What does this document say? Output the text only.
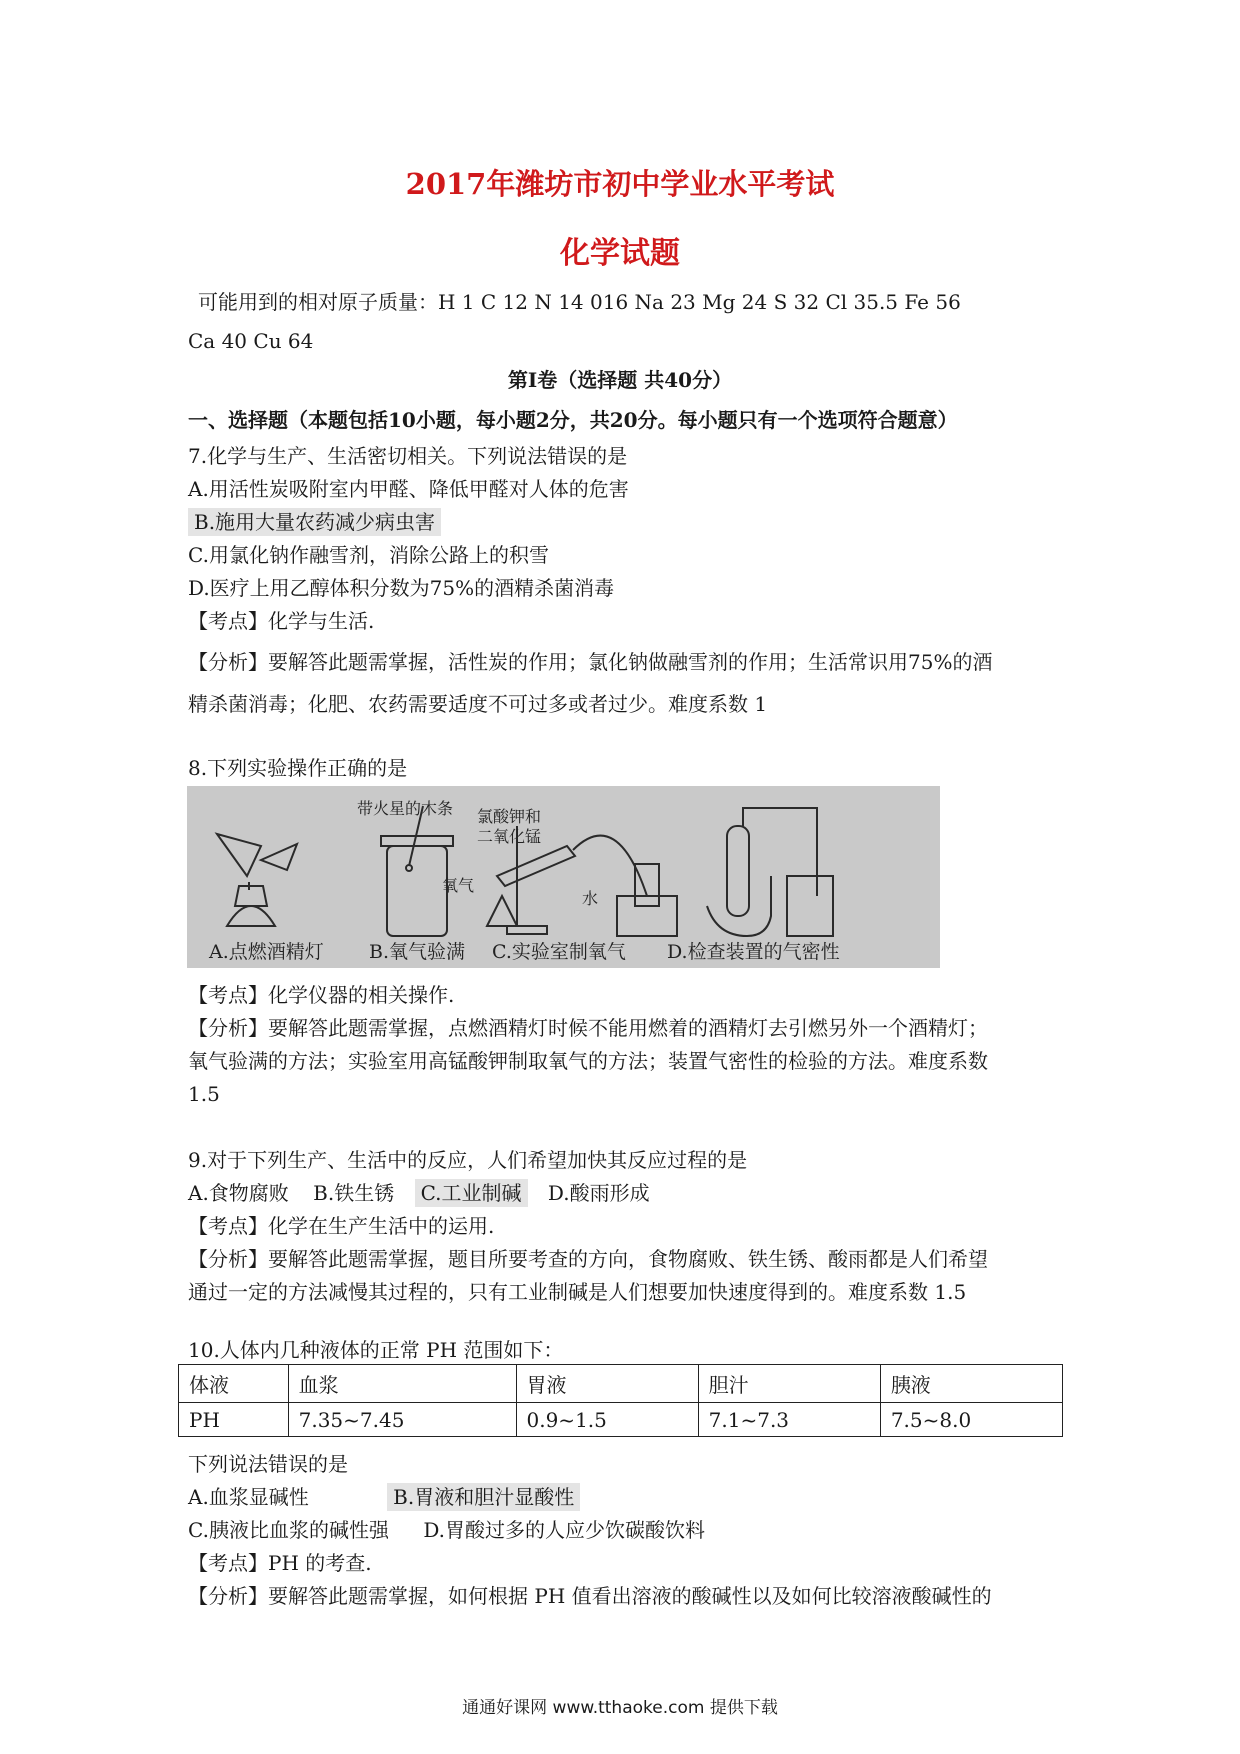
2017年潍坊市初中学业水平考试
化学试题
可能用到的相对原子质量：H 1 C 12 N 14 016 Na 23 Mg 24 S 32 Cl 35.5 Fe 56
Ca 40 Cu 64
第Ⅰ卷（选择题 共40分）
一、选择题（本题包括10小题，每小题2分，共20分。每小题只有一个选项符合题意）
7.化学与生产、生活密切相关。下列说法错误的是
A.用活性炭吸附室内甲醛、降低甲醛对人体的危害
B.施用大量农药减少病虫害
C.用氯化钠作融雪剂，消除公路上的积雪
D.医疗上用乙醇体积分数为75%的酒精杀菌消毒
【考点】化学与生活.
【分析】要解答此题需掌握，活性炭的作用；氯化钠做融雪剂的作用；生活常识用75%的酒
精杀菌消毒；化肥、农药需要适度不可过多或者过少。难度系数 1
8.下列实验操作正确的是
带火星的木条
氧气
氯酸钾和
二氧化锰
水
A.点燃酒精灯 B.氧气验满 C.实验室制氧气 D.检查装置的气密性
【考点】化学仪器的相关操作.
【分析】要解答此题需掌握，点燃酒精灯时候不能用燃着的酒精灯去引燃另外一个酒精灯；
氧气验满的方法；实验室用高锰酸钾制取氧气的方法；装置气密性的检验的方法。难度系数
1.5
9.对于下列生产、生活中的反应，人们希望加快其反应过程的是
A.食物腐败 B.铁生锈 C.工业制碱 D.酸雨形成
【考点】化学在生产生活中的运用.
【分析】要解答此题需掌握，题目所要考查的方向，食物腐败、铁生锈、酸雨都是人们希望
通过一定的方法减慢其过程的，只有工业制碱是人们想要加快速度得到的。难度系数 1.5
10.人体内几种液体的正常 PH 范围如下：
体液	血浆	胃液	胆汁	胰液
PH	7.35~7.45	0.9~1.5	7.1~7.3	7.5~8.0
下列说法错误的是
A.血浆显碱性	B.胃液和胆汁显酸性
C.胰液比血浆的碱性强 D.胃酸过多的人应少饮碳酸饮料
【考点】PH 的考查.
【分析】要解答此题需掌握，如何根据 PH 值看出溶液的酸碱性以及如何比较溶液酸碱性的
通通好课网 www.tthaoke.com 提供下载
